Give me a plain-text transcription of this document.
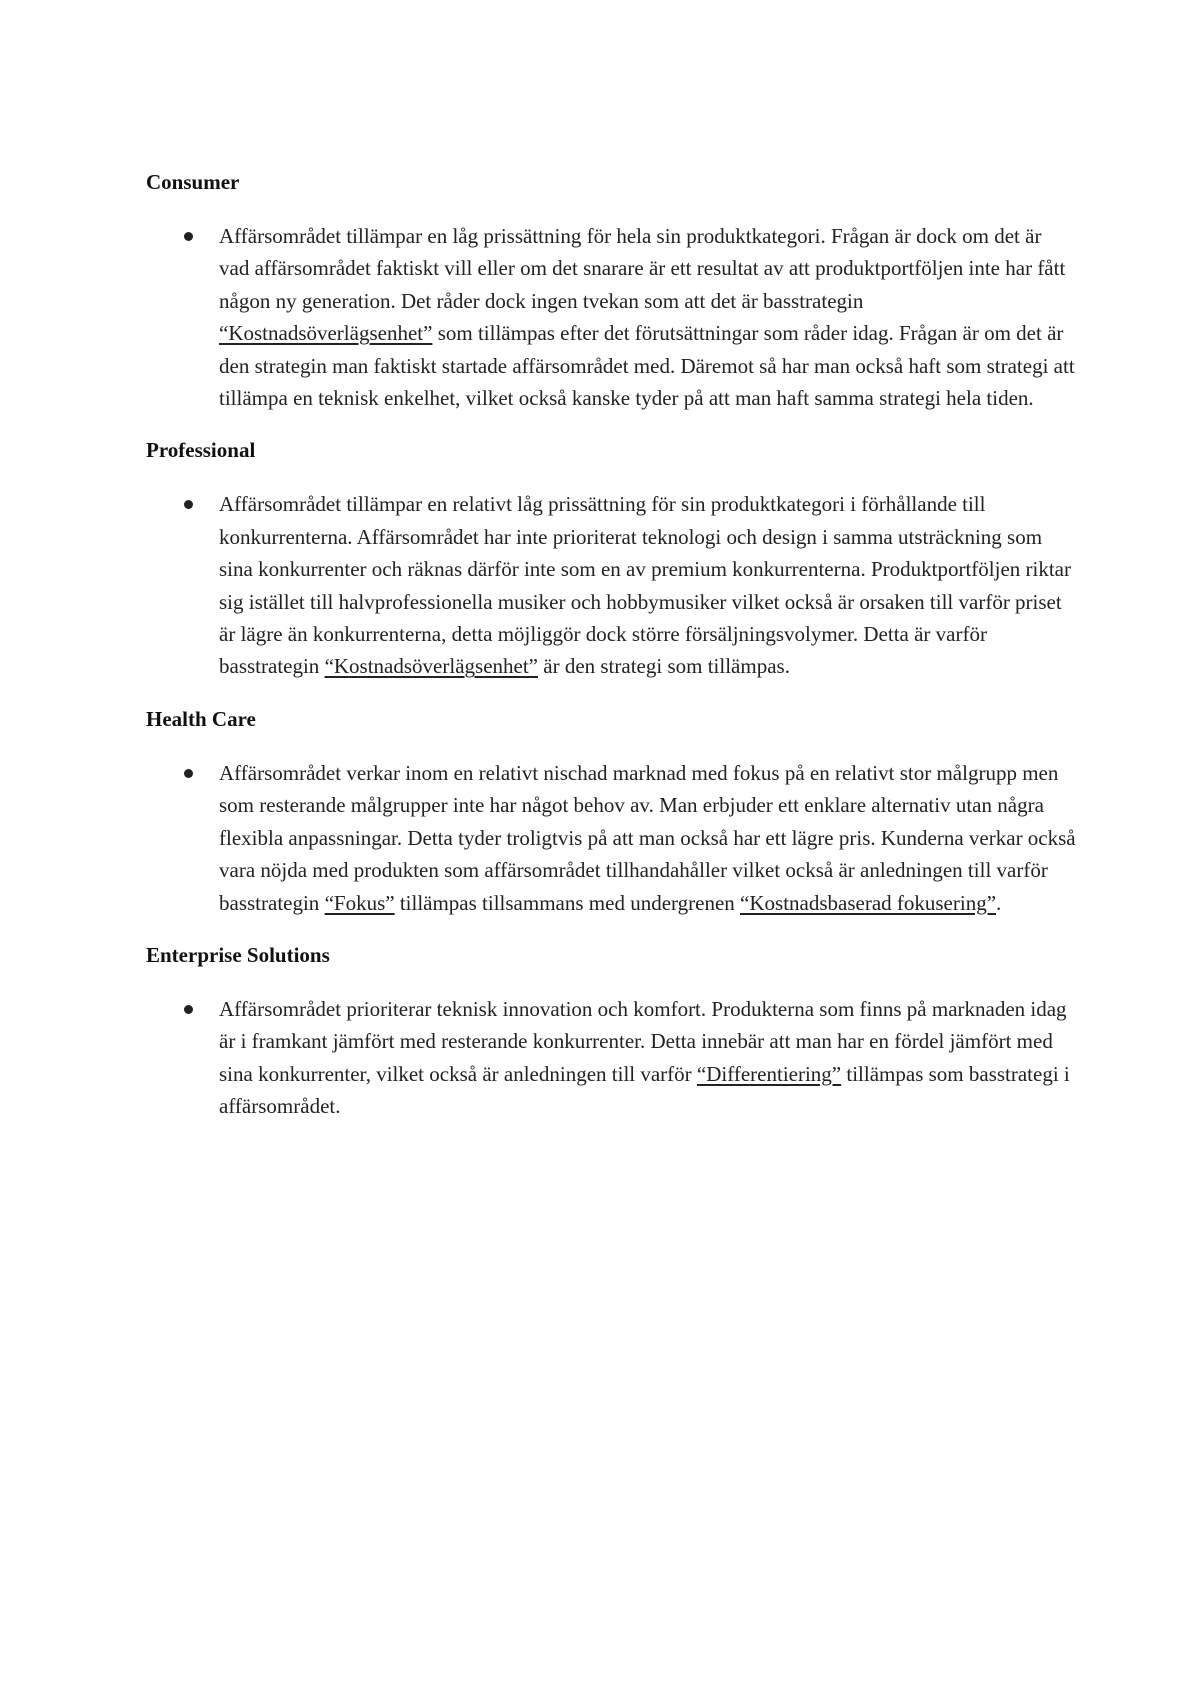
Consumer
Affärsområdet tillämpar en låg prissättning för hela sin produktkategori. Frågan är dock om det är vad affärsområdet faktiskt vill eller om det snarare är ett resultat av att produktportföljen inte har fått någon ny generation. Det råder dock ingen tvekan som att det är basstrategin “Kostnadsöverlägsenhet” som tillämpas efter det förutsättningar som råder idag. Frågan är om det är den strategin man faktiskt startade affärsområdet med. Däremot så har man också haft som strategi att tillämpa en teknisk enkelhet, vilket också kanske tyder på att man haft samma strategi hela tiden.
Professional
Affärsområdet tillämpar en relativt låg prissättning för sin produktkategori i förhållande till konkurrenterna. Affärsområdet har inte prioriterat teknologi och design i samma utsträckning som sina konkurrenter och räknas därför inte som en av premium konkurrenterna. Produktportföljen riktar sig istället till halvprofessionella musiker och hobbymusiker vilket också är orsaken till varför priset är lägre än konkurrenterna, detta möjliggör dock större försäljningsvolymer. Detta är varför basstrategin “Kostnadsöverlägsenhet” är den strategi som tillämpas.
Health Care
Affärsområdet verkar inom en relativt nischad marknad med fokus på en relativt stor målgrupp men som resterande målgrupper inte har något behov av. Man erbjuder ett enklare alternativ utan några flexibla anpassningar. Detta tyder troligtvis på att man också har ett lägre pris. Kunderna verkar också vara nöjda med produkten som affärsområdet tillhandahåller vilket också är anledningen till varför basstrategin “Fokus” tillämpas tillsammans med undergrenen “Kostnadsbaserad fokusering”.
Enterprise Solutions
Affärsområdet prioriterar teknisk innovation och komfort. Produkterna som finns på marknaden idag är i framkant jämfört med resterande konkurrenter. Detta innebär att man har en fördel jämfört med sina konkurrenter, vilket också är anledningen till varför “Differentiering” tillämpas som basstrategi i affärsområdet.
